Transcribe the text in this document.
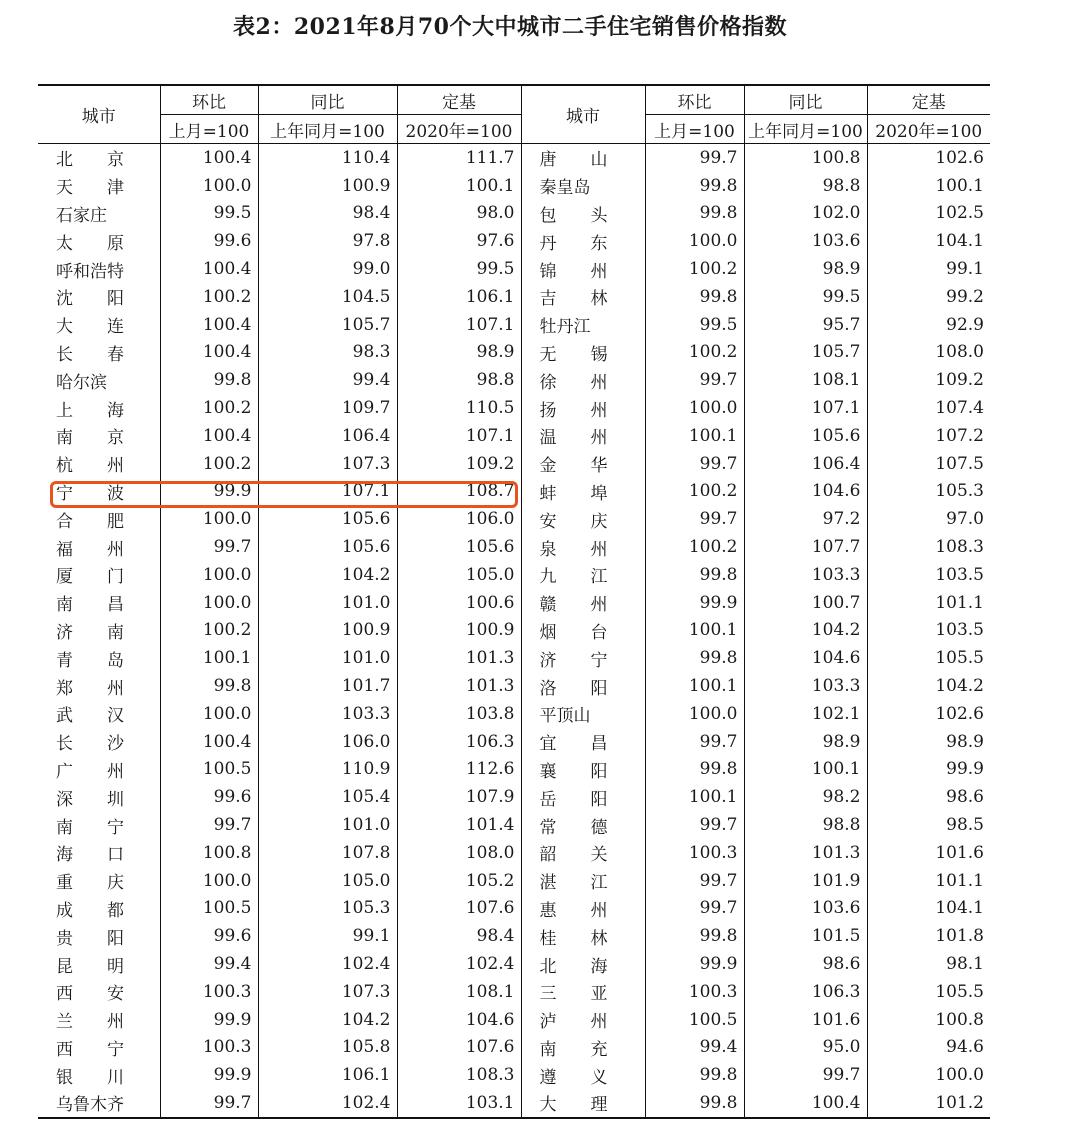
表2：2021年8月70个大中城市二手住宅销售价格指数
城市	环比	同比	定基	城市	环比	同比	定基
	上月=100	上年同月=100	2020年=100		上月=100	上年同月=100	2020年=100
北　　京	100.4	110.4	111.7	唐　　山	99.7	100.8	102.6
天　　津	100.0	100.9	100.1	秦皇岛	99.8	98.8	100.1
石家庄	99.5	98.4	98.0	包　　头	99.8	102.0	102.5
太　　原	99.6	97.8	97.6	丹　　东	100.0	103.6	104.1
呼和浩特	100.4	99.0	99.5	锦　　州	100.2	98.9	99.1
沈　　阳	100.2	104.5	106.1	吉　　林	99.8	99.5	99.2
大　　连	100.4	105.7	107.1	牡丹江	99.5	95.7	92.9
长　　春	100.4	98.3	98.9	无　　锡	100.2	105.7	108.0
哈尔滨	99.8	99.4	98.8	徐　　州	99.7	108.1	109.2
上　　海	100.2	109.7	110.5	扬　　州	100.0	107.1	107.4
南　　京	100.4	106.4	107.1	温　　州	100.1	105.6	107.2
杭　　州	100.2	107.3	109.2	金　　华	99.7	106.4	107.5
宁　　波	99.9	107.1	108.7	蚌　　埠	100.2	104.6	105.3
合　　肥	100.0	105.6	106.0	安　　庆	99.7	97.2	97.0
福　　州	99.7	105.6	105.6	泉　　州	100.2	107.7	108.3
厦　　门	100.0	104.2	105.0	九　　江	99.8	103.3	103.5
南　　昌	100.0	101.0	100.6	赣　　州	99.9	100.7	101.1
济　　南	100.2	100.9	100.9	烟　　台	100.1	104.2	103.5
青　　岛	100.1	101.0	101.3	济　　宁	99.8	104.6	105.5
郑　　州	99.8	101.7	101.3	洛　　阳	100.1	103.3	104.2
武　　汉	100.0	103.3	103.8	平顶山	100.0	102.1	102.6
长　　沙	100.4	106.0	106.3	宜　　昌	99.7	98.9	98.9
广　　州	100.5	110.9	112.6	襄　　阳	99.8	100.1	99.9
深　　圳	99.6	105.4	107.9	岳　　阳	100.1	98.2	98.6
南　　宁	99.7	101.0	101.4	常　　德	99.7	98.8	98.5
海　　口	100.8	107.8	108.0	韶　　关	100.3	101.3	101.6
重　　庆	100.0	105.0	105.2	湛　　江	99.7	101.9	101.1
成　　都	100.5	105.3	107.6	惠　　州	99.7	103.6	104.1
贵　　阳	99.6	99.1	98.4	桂　　林	99.8	101.5	101.8
昆　　明	99.4	102.4	102.4	北　　海	99.9	98.6	98.1
西　　安	100.3	107.3	108.1	三　　亚	100.3	106.3	105.5
兰　　州	99.9	104.2	104.6	泸　　州	100.5	101.6	100.8
西　　宁	100.3	105.8	107.6	南　　充	99.4	95.0	94.6
银　　川	99.9	106.1	108.3	遵　　义	99.8	99.7	100.0
乌鲁木齐	99.7	102.4	103.1	大　　理	99.8	100.4	101.2
